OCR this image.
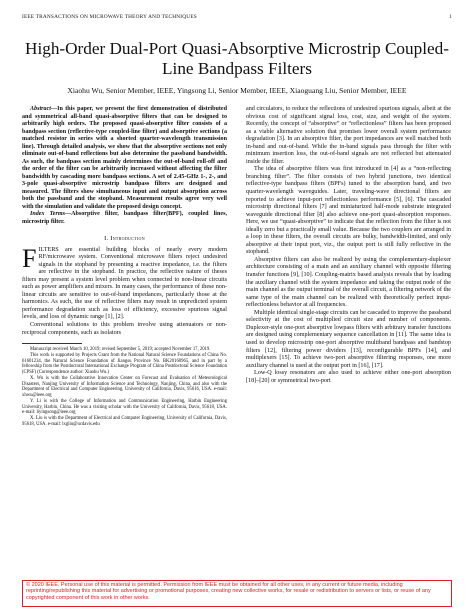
IEEE TRANSACTIONS ON MICROWAVE THEORY AND TECHNIQUES	1
High-Order Dual-Port Quasi-Absorptive Microstrip Coupled-Line Bandpass Filters
Xiaohu Wu, Senior Member, IEEE, Yingsong Li, Senior Member, IEEE, Xiaoguang Liu, Senior Member, IEEE

Abstract—In this paper, we present the first demonstration of distributed and symmetrical all-band quasi-absorptive filters that can be designed to arbitrarily high orders. The proposed quasi-absorptive filter consists of a bandpass section (reflective-type coupled-line filter) and absorptive sections (a matched resistor in series with a shorted quarter-wavelength transmission line). Through detailed analysis, we show that the absorptive sections not only eliminate out-of-band reflections but also determine the passband bandwidth. As such, the bandpass section mainly determines the out-of-band roll-off and the order of the filter can be arbitrarily increased without affecting the filter bandwidth by cascading more bandpass sections. A set of 2.45-GHz 1-, 2-, and 3-pole quasi-absorptive microstrip bandpass filters are designed and measured. The filters show simultaneous input and output absorption across both the passband and the stopband. Measurement results agree very well with the simulation and validate the proposed design concept.

Index Terms—Absorptive filter, bandpass filter(BPF), coupled lines, microstrip filter.

I. Introduction

FILTERS are essential building blocks of nearly every modern RF/microwave system. Conventional microwave filters reject undesired signals in the stopband by presenting a reactive impedance, i.e. the filters are reflective in the stopband. In practice, the reflective nature of theses filters may present a system level problem when connected to non-linear circuits such as power amplifiers and mixers. In many cases, the performance of these non-linear circuits are sensitive to out-of-band impedances, particularly those at the harmonics. As such, the use of reflective filters may result in unpredicted system performance degradation such as loss of efficiency, excessive spurious signal levels, and loss of dynamic range [1], [2].

Conventional solutions to this problem involve using attenuators or non-reciprocal components, such as isolators

Manuscript received March 10, 2019; revised September 5, 2019; accepted November 17, 2019.

This work is supported by Projects Grant from the National Natural Science Foundations of China No. 61601234, the Natural Science Foundation of Jiangsu Province No. BK20160965, and in part by a fellowship from the Postdoctoral International Exchange Program of China Postdoctoral Science Foundation (CPSF) (Correspondence author: Xiaohu Wu.)

X. Wu is with the Collaborative Innovation Center on Forecast and Evaluation of Meteorological Disasters, Nanjing University of Information Science and Technology, Nanjing, China, and also with the Department of Electrical and Computer Engineering, University of California, Davis, 95616, USA. e-mail: xhwu@ieee.org

Y. Li is with the College of Information and Communication Engineering, Harbin Engineering University, Harbin, China. He was a visiting scholar with the University of California, Davis, 95618, USA. e-mail: liyingsong@ieee.org

X. Liu is with the Department of Electrical and Computer Engineering, University of California, Davis, 95618, USA. e-mail: lxgliu@ucdavis.edu

and circulators, to reduce the reflections of undesired spurious signals, albeit at the obvious cost of significant signal loss, cost, size, and weight of the system. Recently, the concept of “absorptive” or “reflectionless” filters has been proposed as a viable alternative solution that promises lower overall system performance degradation [3]. In an absorptive filter, the port impedances are well matched both in-band and out-of-band. While the in-band signals pass through the filter with minimum insertion loss, the out-of-band signals are not reflected but attenuated inside the filter.

The idea of absorptive filters was first introduced in [4] as a “non-reflecting branching filter”. The filter consists of two hybrid junctions, two identical reflective-type bandpass filters (BPFs) tuned to the absorption band, and two quarter-wavelength waveguides. Later, traveling-wave directional filters are reported to achieve input-port reflectionless performance [5], [6]. The cascaded microstrip directional filters [7] and miniaturized half-mode substrate integrated waveguide directional filter [8] also achieve one-port quasi-absorption responses. Here, we use “quasi-absorptive” to indicate that the reflection from the filter is not ideally zero but a practically small value. Because the two couplers are arranged in a loop in these filters, the overall circuits are bulky, bandwidth-limited, and only absorptive at their input port, viz., the output port is still fully reflective in the stopband.

Absorptive filters can also be realized by using the complementary-duplexer architecture consisting of a main and an auxiliary channel with opposite filtering transfer functions [9], [10]. Coupling-matrix based analysis reveals that by loading the auxiliary channel with the system impedance and taking the output node of the main channel as the output terminal of the overall circuit, a filtering network of the same type of the main channel can be realized with theoretically perfect input-reflectionless behavior at all frequencies.

Multiple identical single-stage circuits can be cascaded to improve the passband selectivity at the cost of multiplied circuit size and number of components. Duplexer-style one-port absorptive lowpass filters with arbitrary transfer functions are designed using complementary sequence cancellation in [11]. The same idea is used to develop microstrip one-port absorptive multiband bandpass and bandstop filters [12], filtering power dividers [13], reconfigurable BPFs [14], and multiplexers [15]. To achieve two-port absorptive filtering responses, one more auxiliary channel is used at the output port in [16], [17].

Low-Q lossy resonators are also used to achieve either one-port absorption [18]–[20] or symmetrical two-port

© 2020 IEEE. Personal use of this material is permitted. Permission from IEEE must be obtained for all other uses, in any current or future media, including reprinting/republishing this material for advertising or promotional purposes, creating new collective works, for resale or redistribution to servers or lists, or reuse of any copyrighted component of this work in other works.
